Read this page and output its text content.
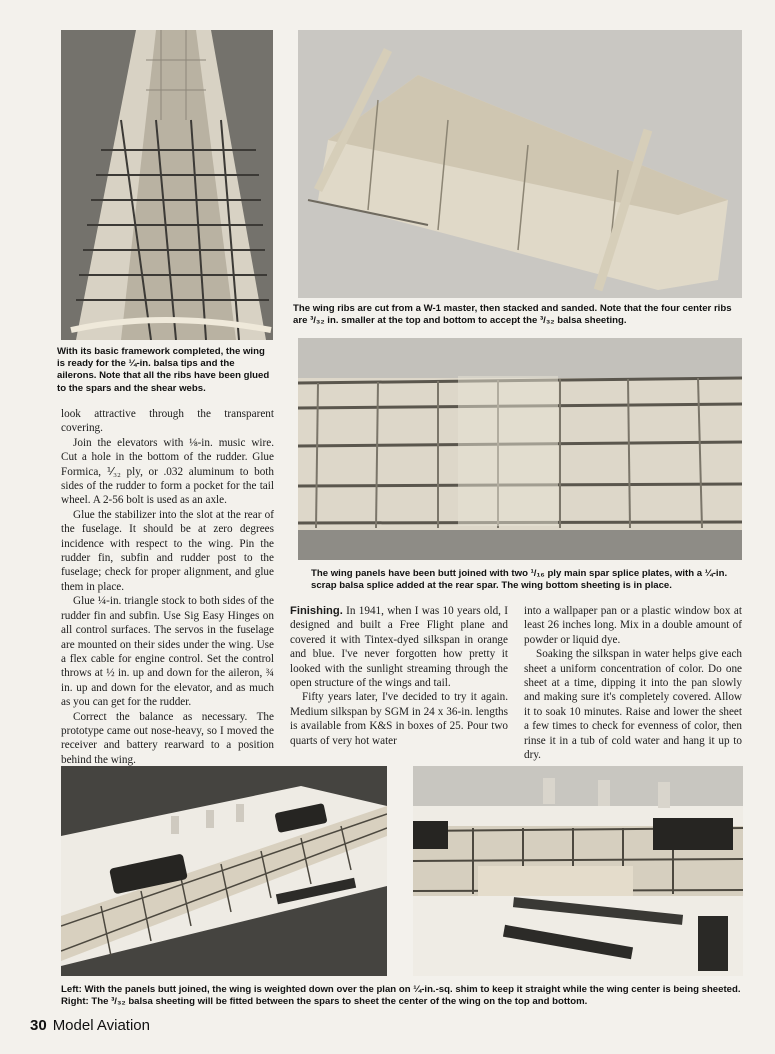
With its basic framework completed, the wing is ready for the ¼-in. balsa tips and the ailerons. Note that all the ribs have been glued to the spars and the shear webs.

The wing ribs are cut from a W-1 master, then stacked and sanded. Note that the four center ribs are ³/₃₂ in. smaller at the top and bottom to accept the ³/₃₂ balsa sheeting.

The wing panels have been butt joined with two ¹/₁₆ ply main spar splice plates, with a ¼-in. scrap balsa splice added at the rear spar. The wing bottom sheeting is in place.

look attractive through the transparent covering.

Join the elevators with ⅛-in. music wire. Cut a hole in the bottom of the rudder. Glue Formica, ⅟₃₂ ply, or .032 aluminum to both sides of the rudder to form a pocket for the tail wheel. A 2-56 bolt is used as an axle.

Glue the stabilizer into the slot at the rear of the fuselage. It should be at zero degrees incidence with respect to the wing. Pin the rudder fin, subfin and rudder post to the fuselage; check for proper alignment, and glue them in place.

Glue ¼-in. triangle stock to both sides of the rudder fin and subfin. Use Sig Easy Hinges on all control surfaces. The servos in the fuselage are mounted on their sides under the wing. Use a flex cable for engine control. Set the control throws at ½ in. up and down for the aileron, ¾ in. up and down for the elevator, and as much as you can get for the rudder.

Correct the balance as necessary. The prototype came out nose-heavy, so I moved the receiver and battery rearward to a position behind the wing.

Finishing. In 1941, when I was 10 years old, I designed and built a Free Flight plane and covered it with Tintex-dyed silkspan in orange and blue. I've never forgotten how pretty it looked with the sunlight streaming through the open structure of the wings and tail.

Fifty years later, I've decided to try it again. Medium silkspan by SGM in 24 x 36-in. lengths is available from K&S in boxes of 25. Pour two quarts of very hot water

into a wallpaper pan or a plastic window box at least 26 inches long. Mix in a double amount of powder or liquid dye.

Soaking the silkspan in water helps give each sheet a uniform concentration of color. Do one sheet at a time, dipping it into the pan slowly and making sure it's completely covered. Allow it to soak 10 minutes. Raise and lower the sheet a few times to check for evenness of color, then rinse it in a tub of cold water and hang it up to dry.

Left: With the panels butt joined, the wing is weighted down over the plan on ¼-in.-sq. shim to keep it straight while the wing center is being sheeted. Right: The ³/₃₂ balsa sheeting will be fitted between the spars to sheet the center of the wing on the top and bottom.

30 Model Aviation
